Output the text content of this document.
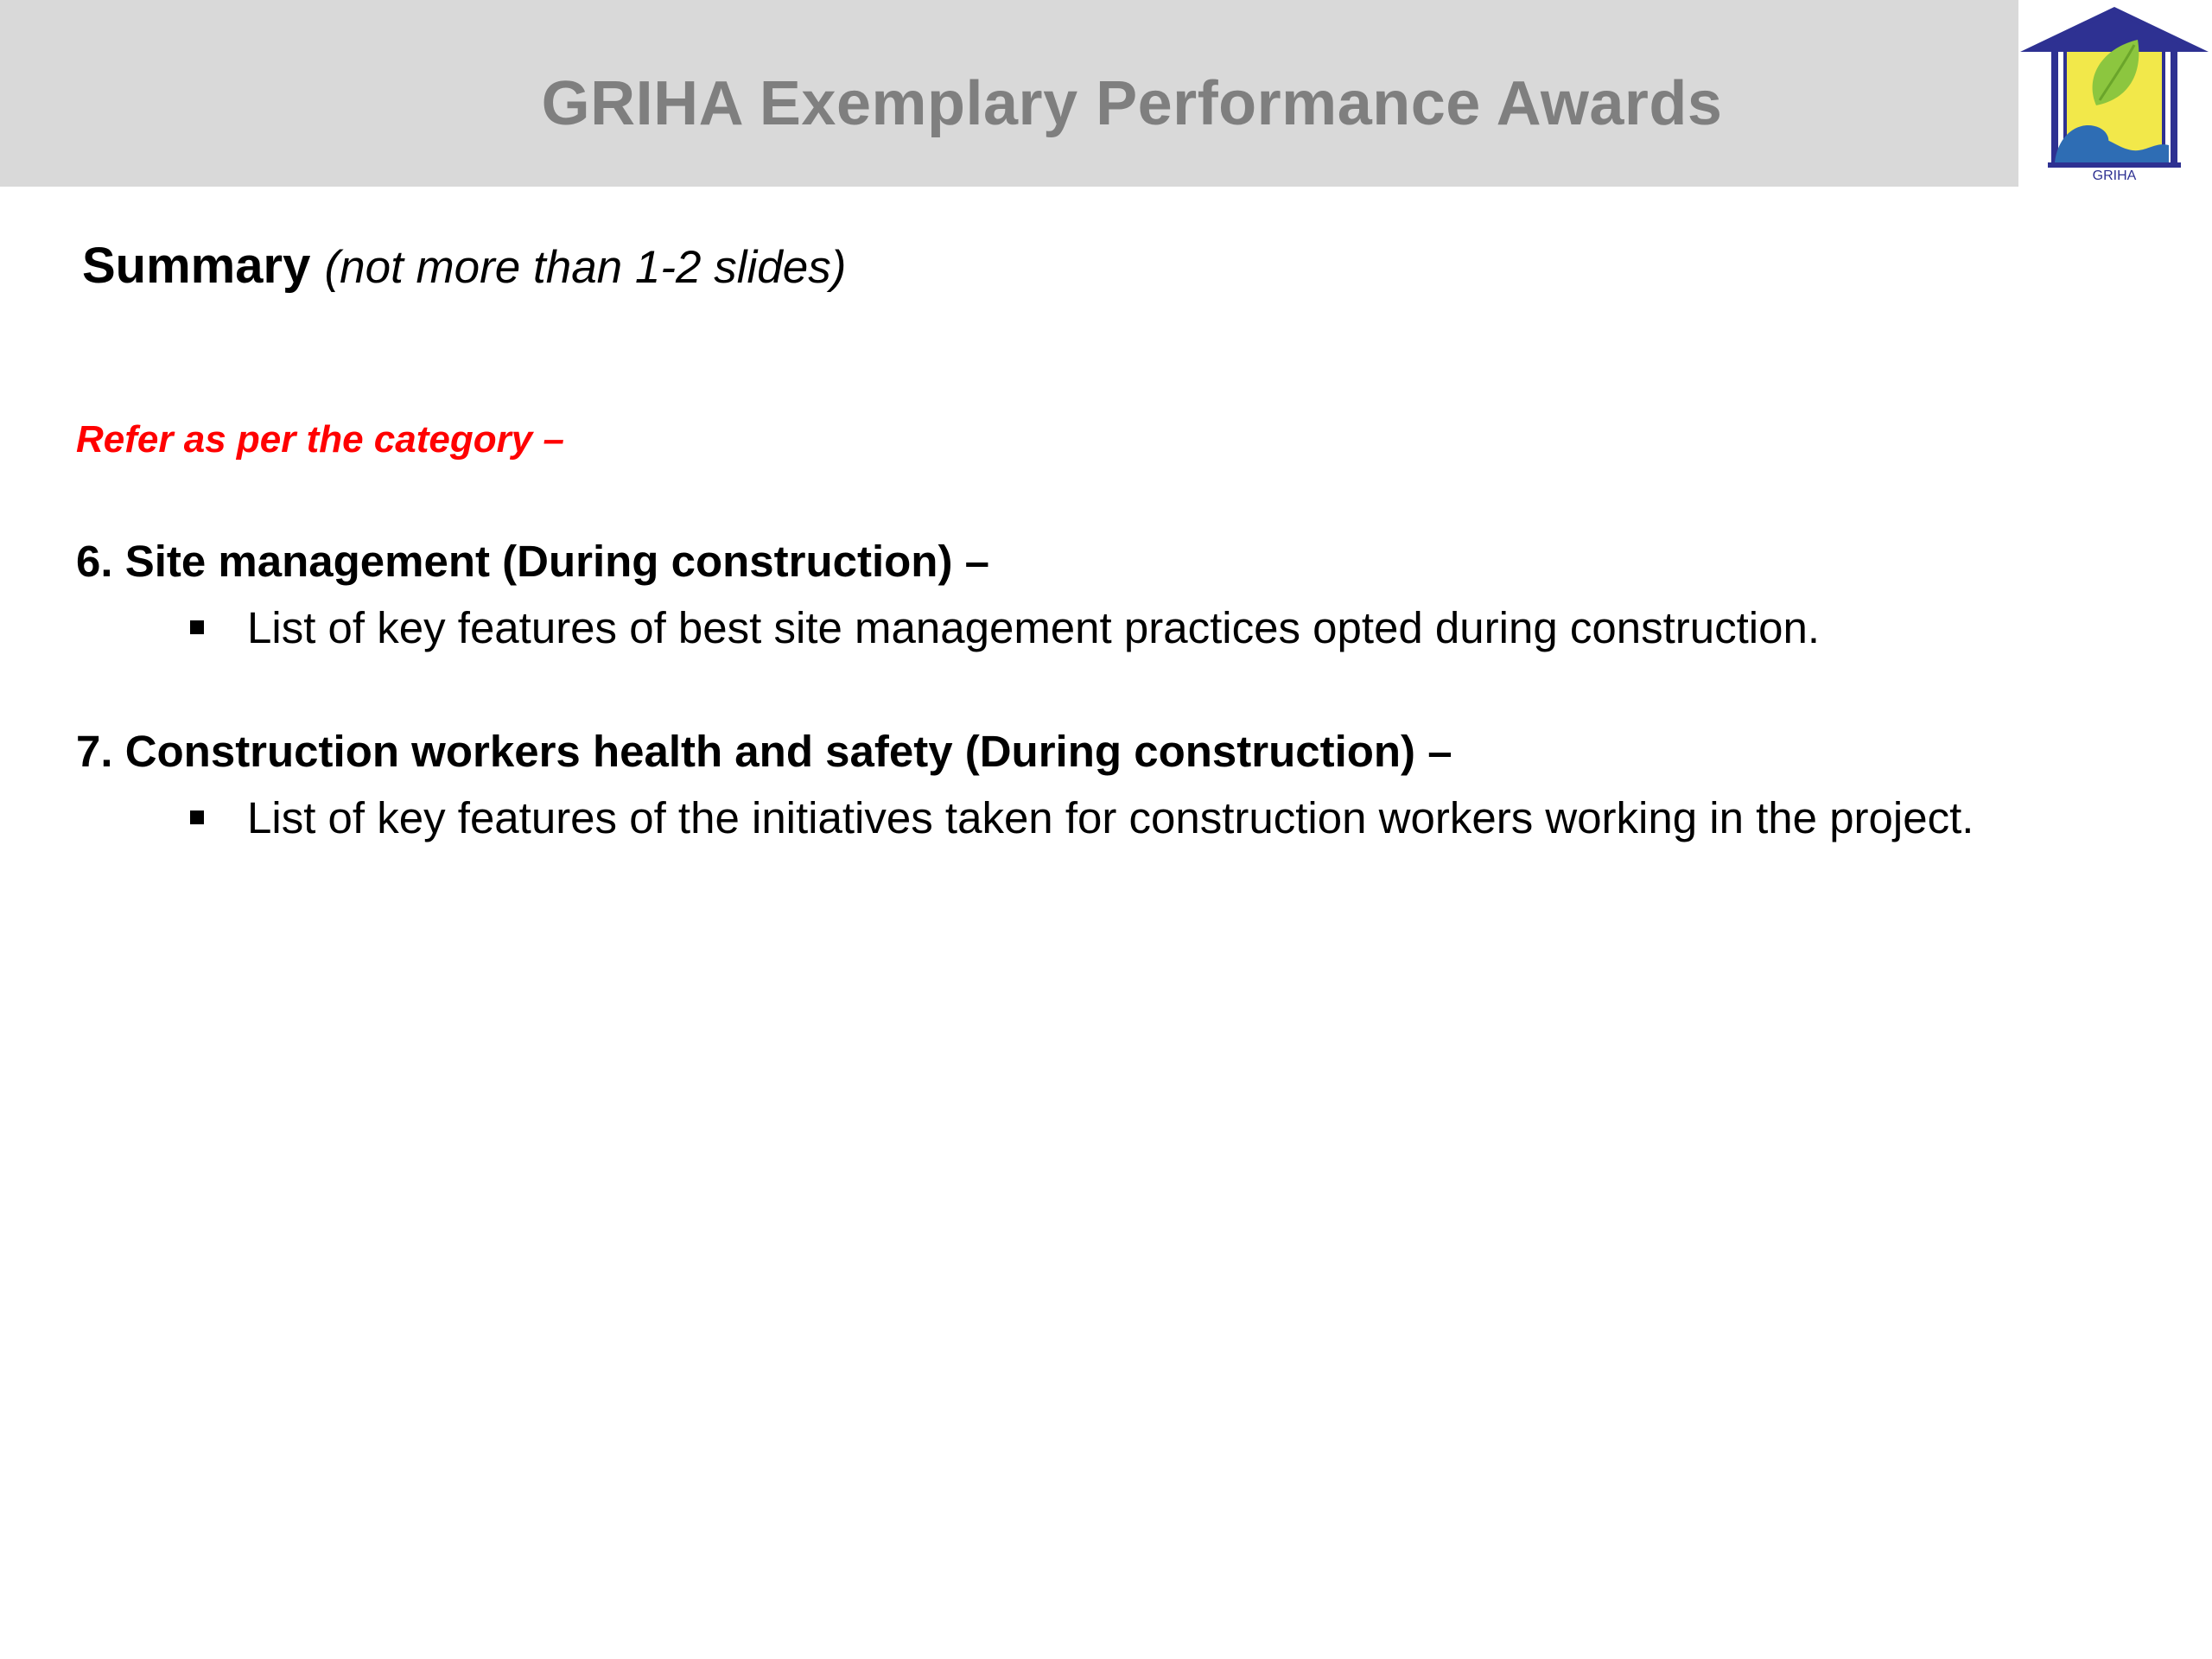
GRIHA Exemplary Performance Awards
GRIHA
Summary (not more than 1-2 slides)
Refer as per the category –
6. Site management (During construction) –
List of key features of best site management practices opted during construction.
7. Construction workers health and safety (During construction) –
List of key features of the initiatives taken for construction workers working in the project.
